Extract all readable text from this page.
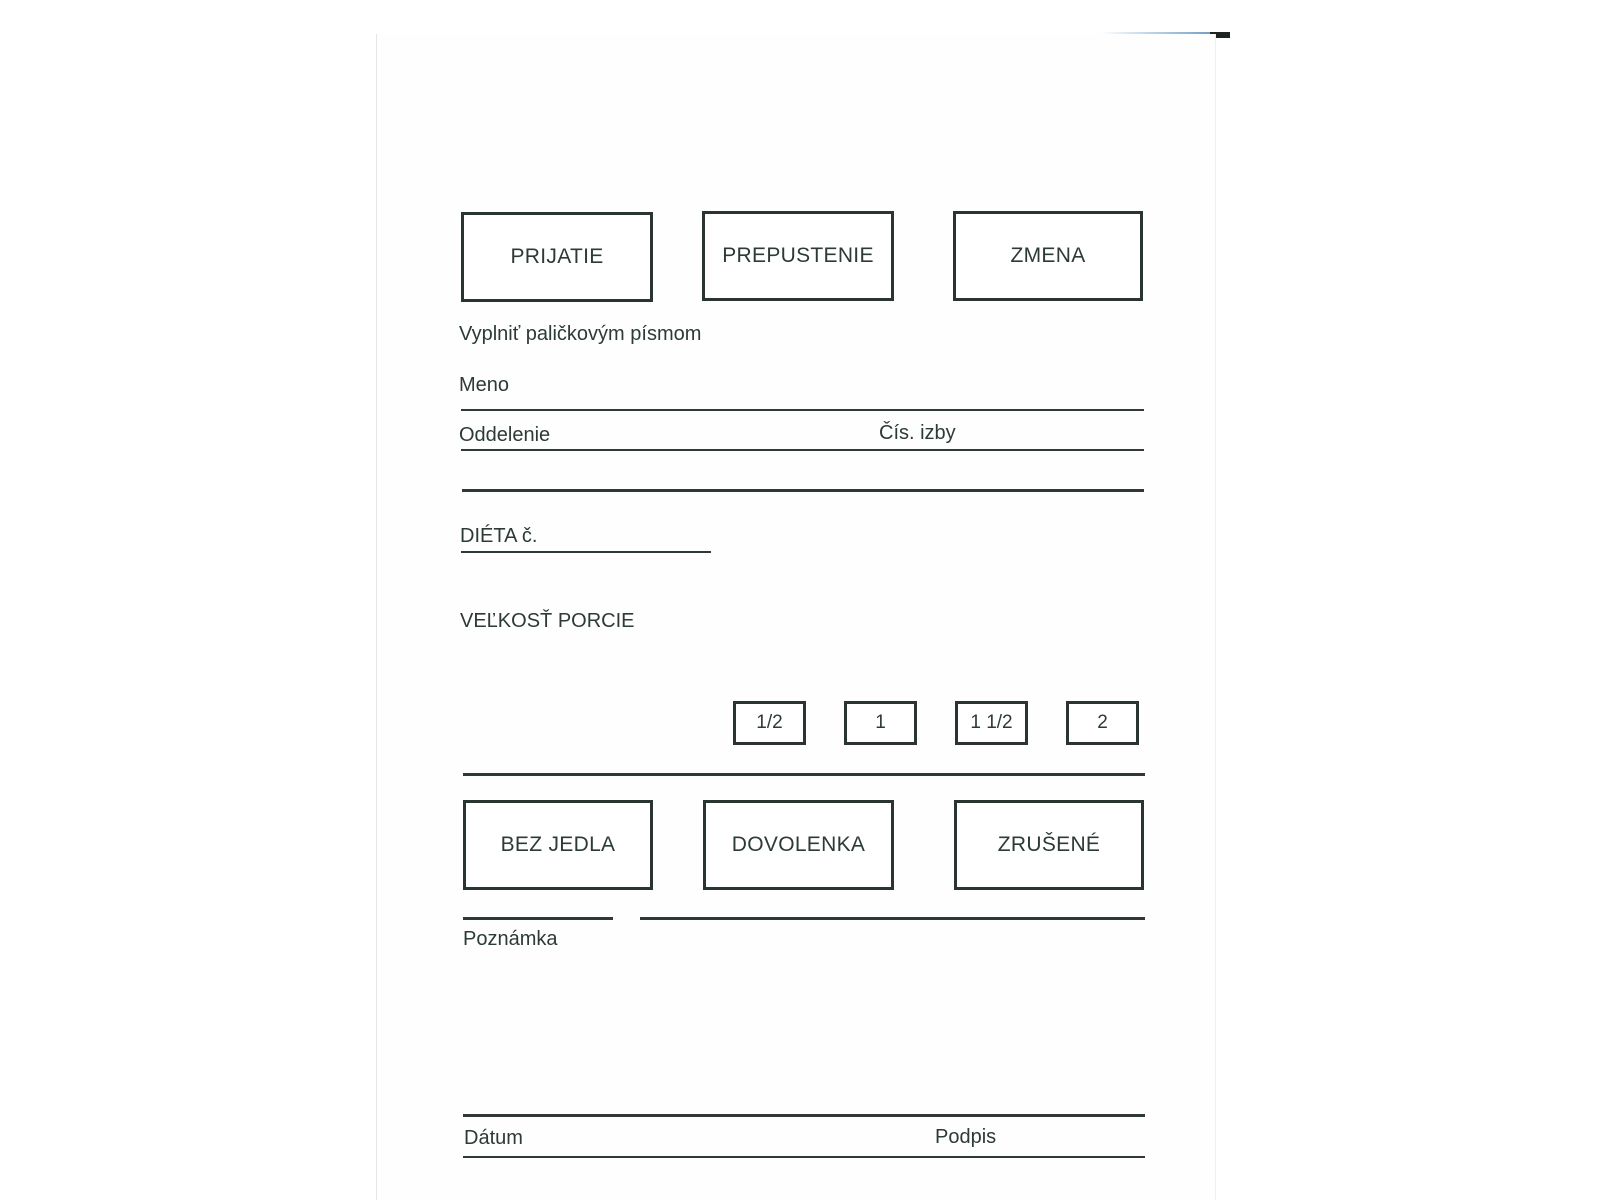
PRIJATIE	PREPUSTENIE	ZMENA
Vyplniť paličkovým písmom
Meno
Oddelenie	Čís. izby
DIÉTA č.
VEĽKOSŤ PORCIE
1/2	1	1 1/2	2
BEZ JEDLA	DOVOLENKA	ZRUŠENÉ
Poznámka
Dátum	Podpis
